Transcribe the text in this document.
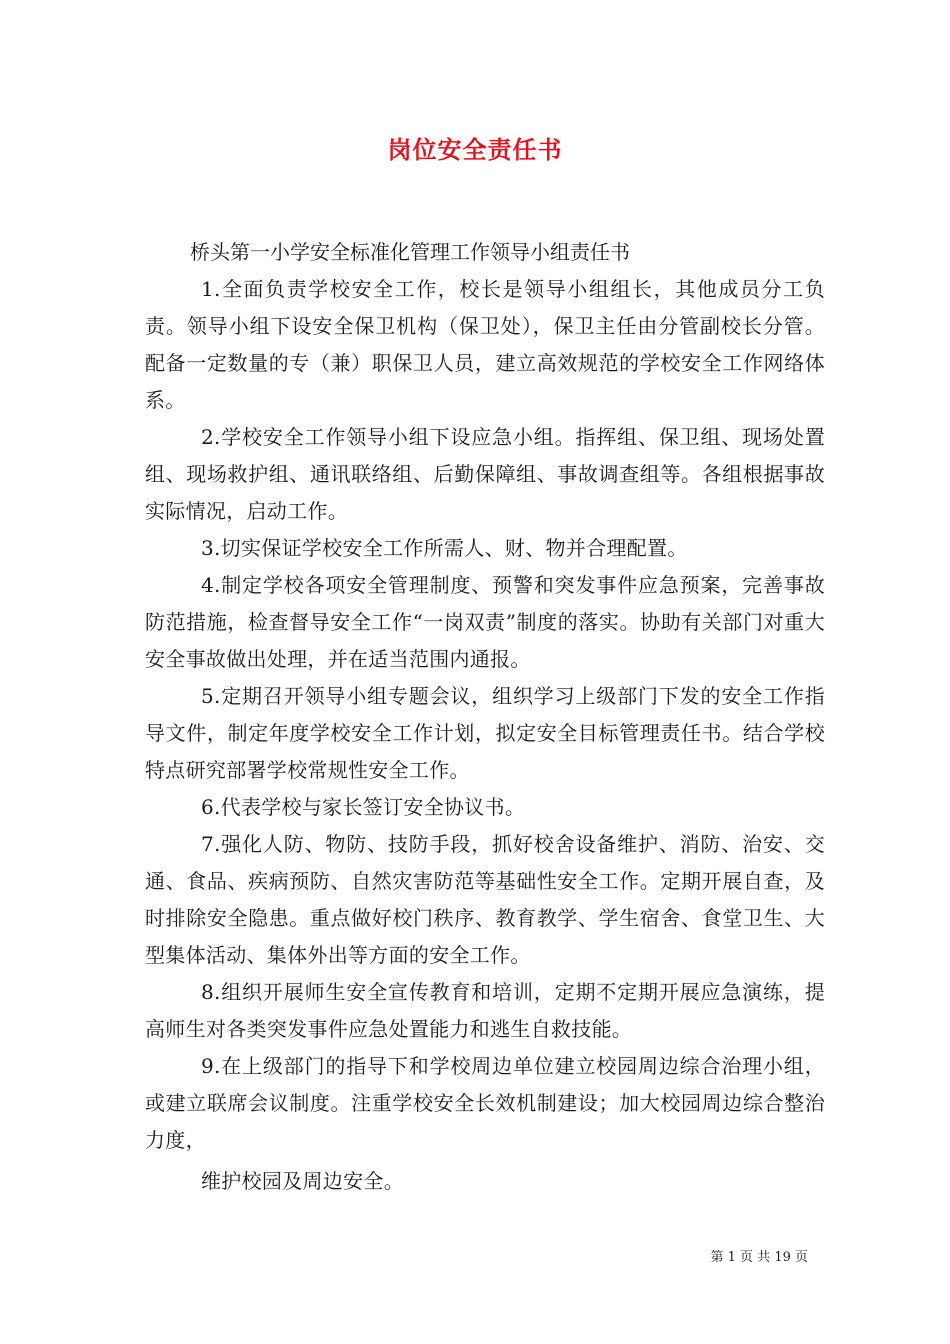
岗位安全责任书

桥头第一小学安全标准化管理工作领导小组责任书

1.全面负责学校安全工作，校长是领导小组组长，其他成员分工负责。领导小组下设安全保卫机构（保卫处），保卫主任由分管副校长分管。配备一定数量的专（兼）职保卫人员，建立高效规范的学校安全工作网络体系。

2.学校安全工作领导小组下设应急小组。指挥组、保卫组、现场处置组、现场救护组、通讯联络组、后勤保障组、事故调查组等。各组根据事故实际情况，启动工作。

3.切实保证学校安全工作所需人、财、物并合理配置。

4.制定学校各项安全管理制度、预警和突发事件应急预案，完善事故防范措施，检查督导安全工作“一岗双责”制度的落实。协助有关部门对重大安全事故做出处理，并在适当范围内通报。

5.定期召开领导小组专题会议，组织学习上级部门下发的安全工作指导文件，制定年度学校安全工作计划，拟定安全目标管理责任书。结合学校特点研究部署学校常规性安全工作。

6.代表学校与家长签订安全协议书。

7.强化人防、物防、技防手段，抓好校舍设备维护、消防、治安、交通、食品、疾病预防、自然灾害防范等基础性安全工作。定期开展自查，及时排除安全隐患。重点做好校门秩序、教育教学、学生宿舍、食堂卫生、大型集体活动、集体外出等方面的安全工作。

8.组织开展师生安全宣传教育和培训，定期不定期开展应急演练，提高师生对各类突发事件应急处置能力和逃生自救技能。

9.在上级部门的指导下和学校周边单位建立校园周边综合治理小组，或建立联席会议制度。注重学校安全长效机制建设；加大校园周边综合整治力度，

维护校园及周边安全。

第 1 页 共 19 页
